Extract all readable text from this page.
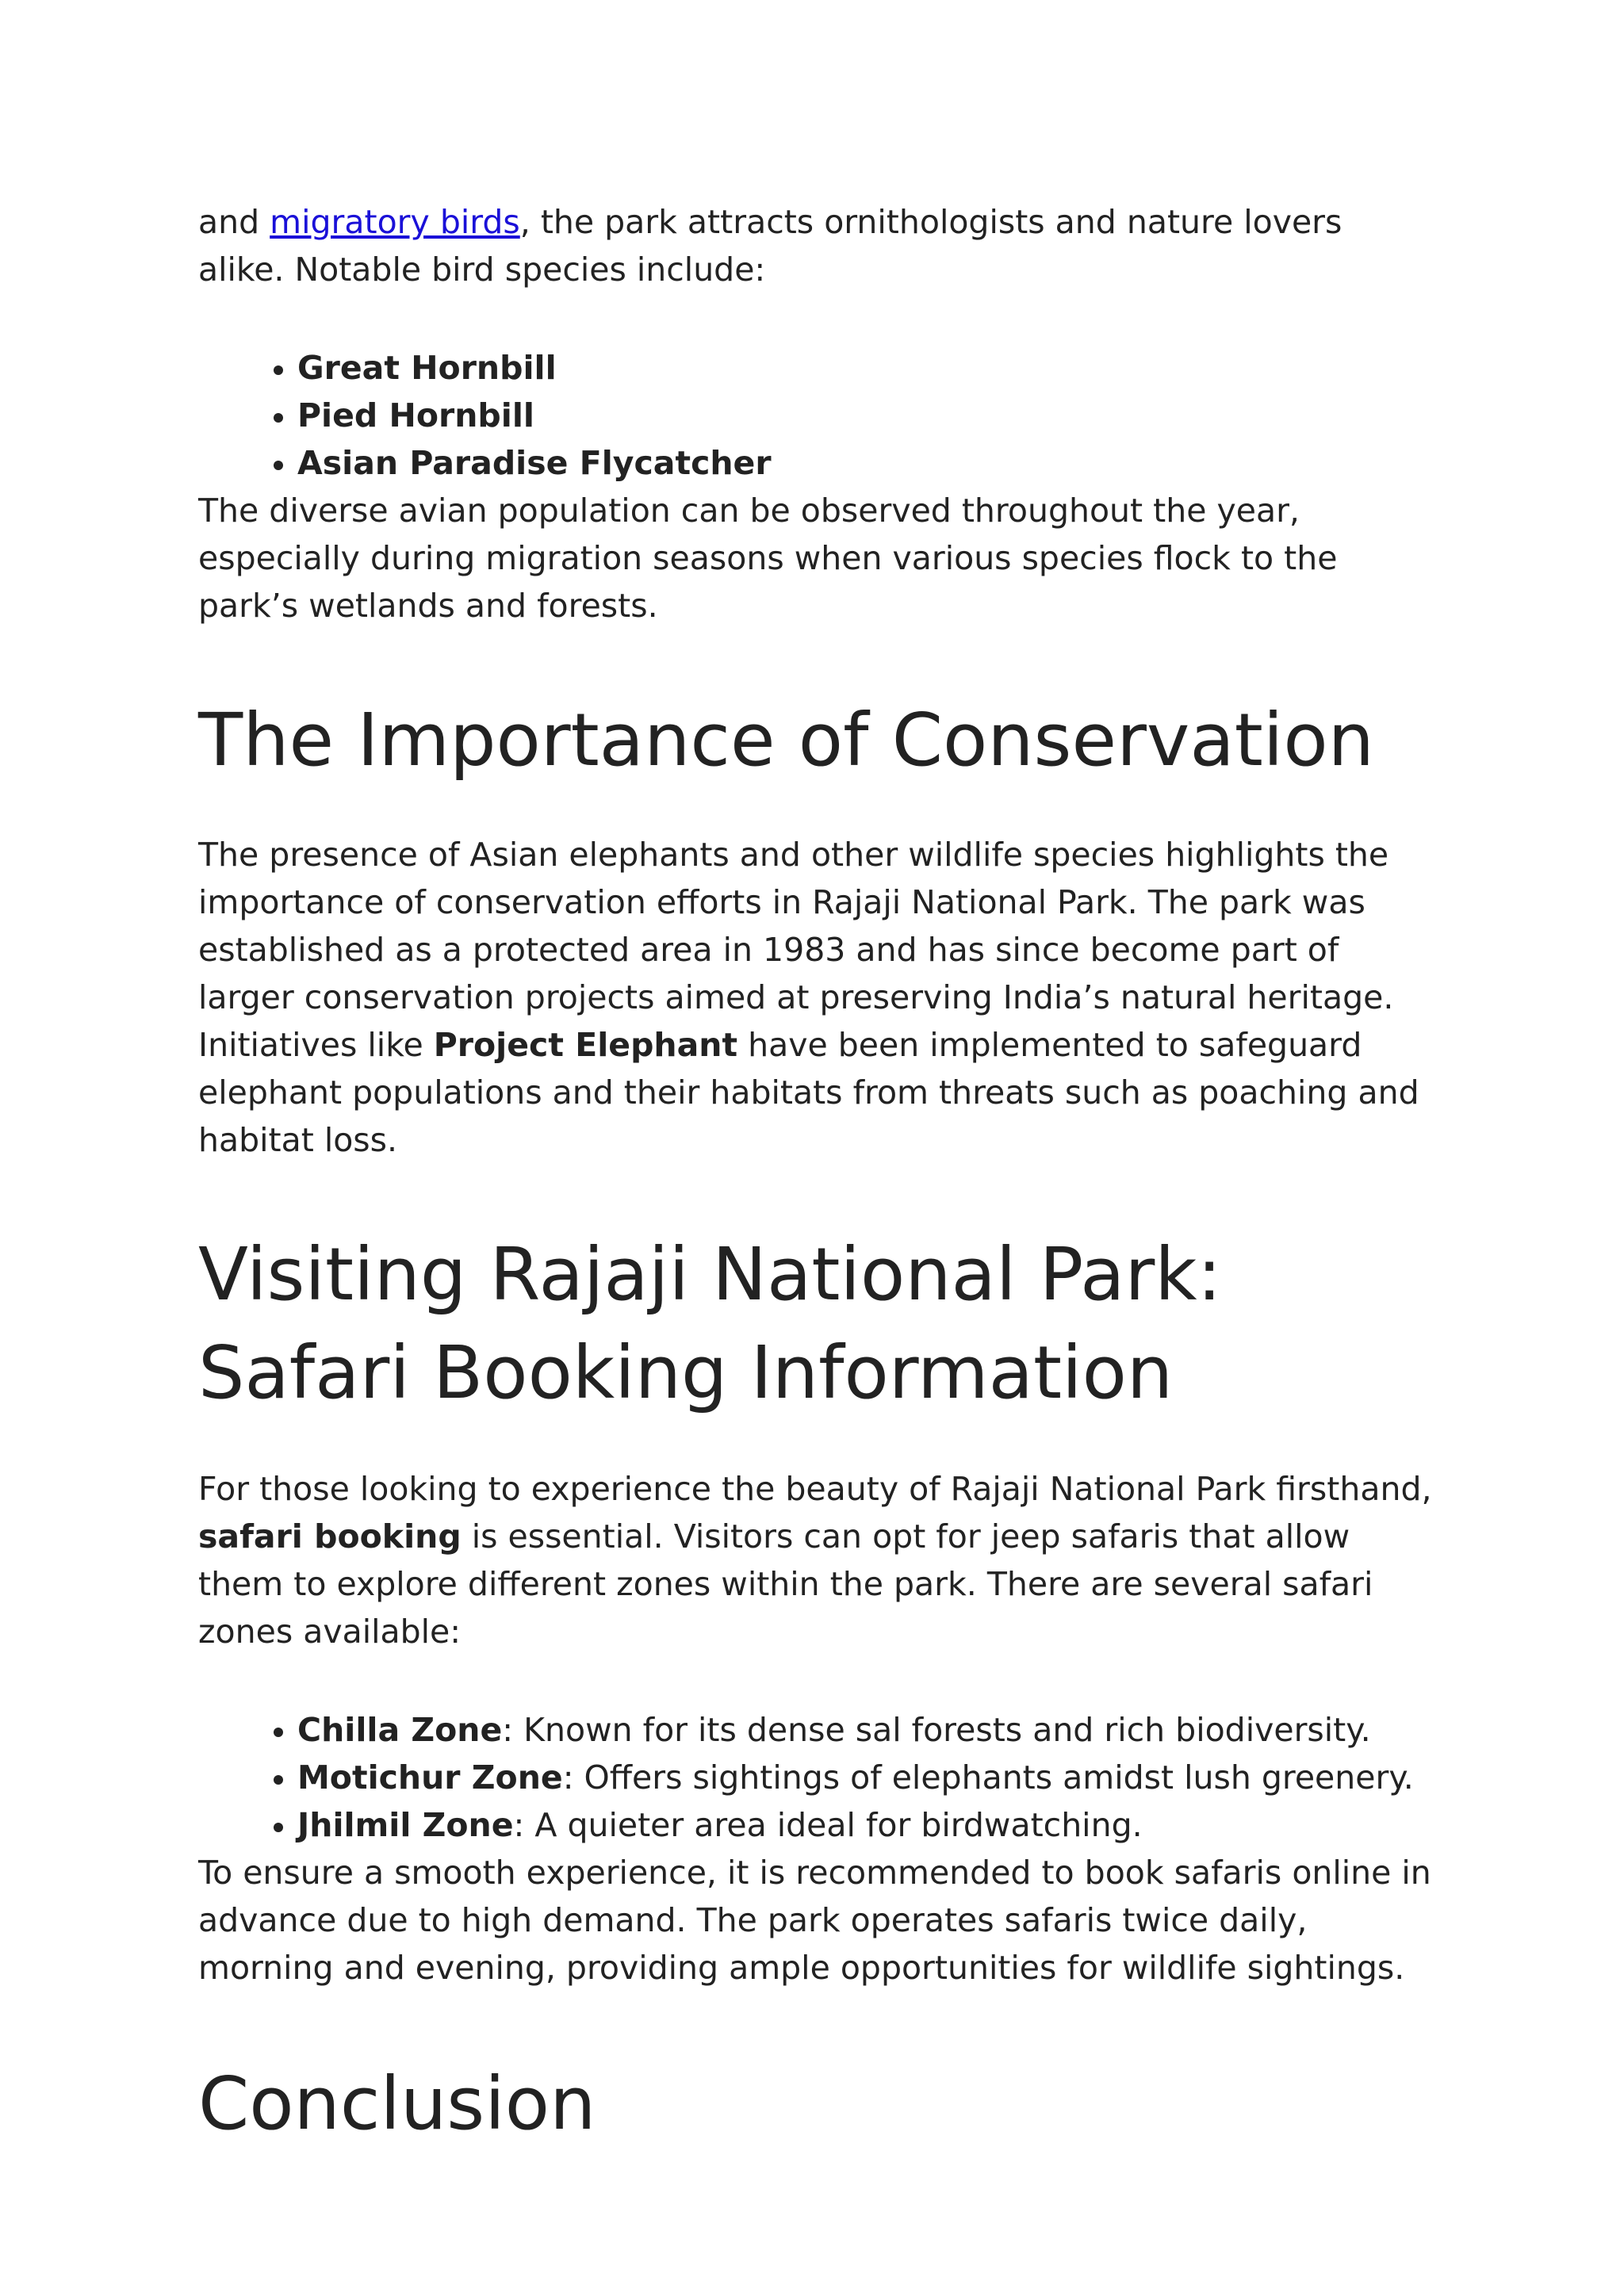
and migratory birds, the park attracts ornithologists and nature lovers alike. Notable bird species include:

• Great Hornbill
• Pied Hornbill
• Asian Paradise Flycatcher

The diverse avian population can be observed throughout the year, especially during migration seasons when various species flock to the park’s wetlands and forests.

The Importance of Conservation

The presence of Asian elephants and other wildlife species highlights the importance of conservation efforts in Rajaji National Park. The park was established as a protected area in 1983 and has since become part of larger conservation projects aimed at preserving India’s natural heritage. Initiatives like Project Elephant have been implemented to safeguard elephant populations and their habitats from threats such as poaching and habitat loss.

Visiting Rajaji National Park: Safari Booking Information

For those looking to experience the beauty of Rajaji National Park firsthand, safari booking is essential. Visitors can opt for jeep safaris that allow them to explore different zones within the park. There are several safari zones available:

• Chilla Zone: Known for its dense sal forests and rich biodiversity.
• Motichur Zone: Offers sightings of elephants amidst lush greenery.
• Jhilmil Zone: A quieter area ideal for birdwatching.

To ensure a smooth experience, it is recommended to book safaris online in advance due to high demand. The park operates safaris twice daily, morning and evening, providing ample opportunities for wildlife sightings.

Conclusion
